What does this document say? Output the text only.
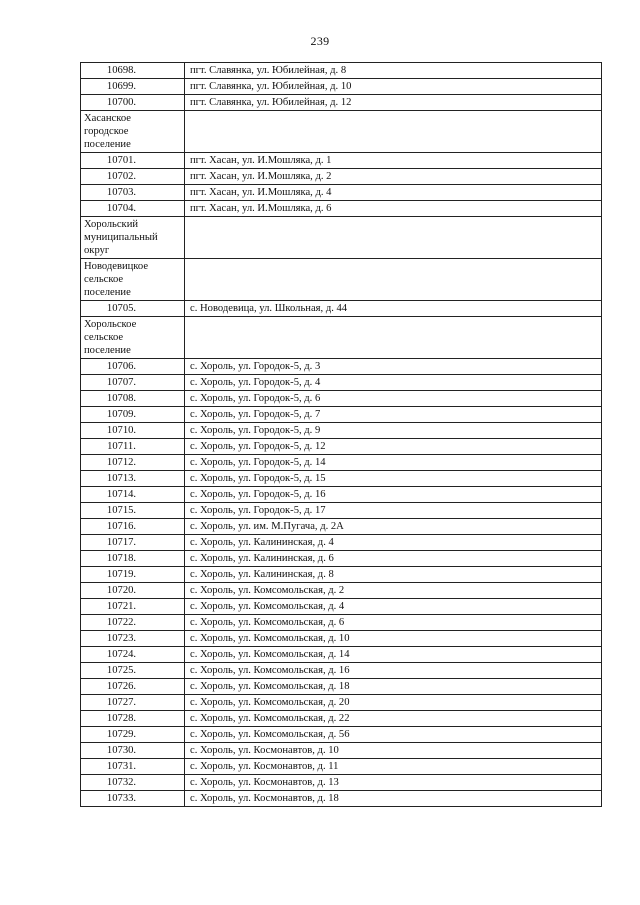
239
10698.	пгт. Славянка, ул. Юбилейная, д. 8
10699.	пгт. Славянка, ул. Юбилейная, д. 10
10700.	пгт. Славянка, ул. Юбилейная, д. 12

Хасанское
городское
поселение	

10701.	пгт. Хасан, ул. И.Мошляка, д. 1
10702.	пгт. Хасан, ул. И.Мошляка, д. 2
10703.	пгт. Хасан, ул. И.Мошляка, д. 4
10704.	пгт. Хасан, ул. И.Мошляка, д. 6

Хорольский
муниципальный
округ	

Новодевицкое
сельское
поселение	

10705.	с. Новодевица, ул. Школьная, д. 44

Хорольское
сельское
поселение	

10706.	с. Хороль, ул. Городок-5, д. 3
10707.	с. Хороль, ул. Городок-5, д. 4
10708.	с. Хороль, ул. Городок-5, д. 6
10709.	с. Хороль, ул. Городок-5, д. 7
10710.	с. Хороль, ул. Городок-5, д. 9
10711.	с. Хороль, ул. Городок-5, д. 12
10712.	с. Хороль, ул. Городок-5, д. 14
10713.	с. Хороль, ул. Городок-5, д. 15
10714.	с. Хороль, ул. Городок-5, д. 16
10715.	с. Хороль, ул. Городок-5, д. 17
10716.	с. Хороль, ул. им. М.Пугача, д. 2А
10717.	с. Хороль, ул. Калининская, д. 4
10718.	с. Хороль, ул. Калининская, д. 6
10719.	с. Хороль, ул. Калининская, д. 8
10720.	с. Хороль, ул. Комсомольская, д. 2
10721.	с. Хороль, ул. Комсомольская, д. 4
10722.	с. Хороль, ул. Комсомольская, д. 6
10723.	с. Хороль, ул. Комсомольская, д. 10
10724.	с. Хороль, ул. Комсомольская, д. 14
10725.	с. Хороль, ул. Комсомольская, д. 16
10726.	с. Хороль, ул. Комсомольская, д. 18
10727.	с. Хороль, ул. Комсомольская, д. 20
10728.	с. Хороль, ул. Комсомольская, д. 22
10729.	с. Хороль, ул. Комсомольская, д. 56
10730.	с. Хороль, ул. Космонавтов, д. 10
10731.	с. Хороль, ул. Космонавтов, д. 11
10732.	с. Хороль, ул. Космонавтов, д. 13
10733.	с. Хороль, ул. Космонавтов, д. 18
